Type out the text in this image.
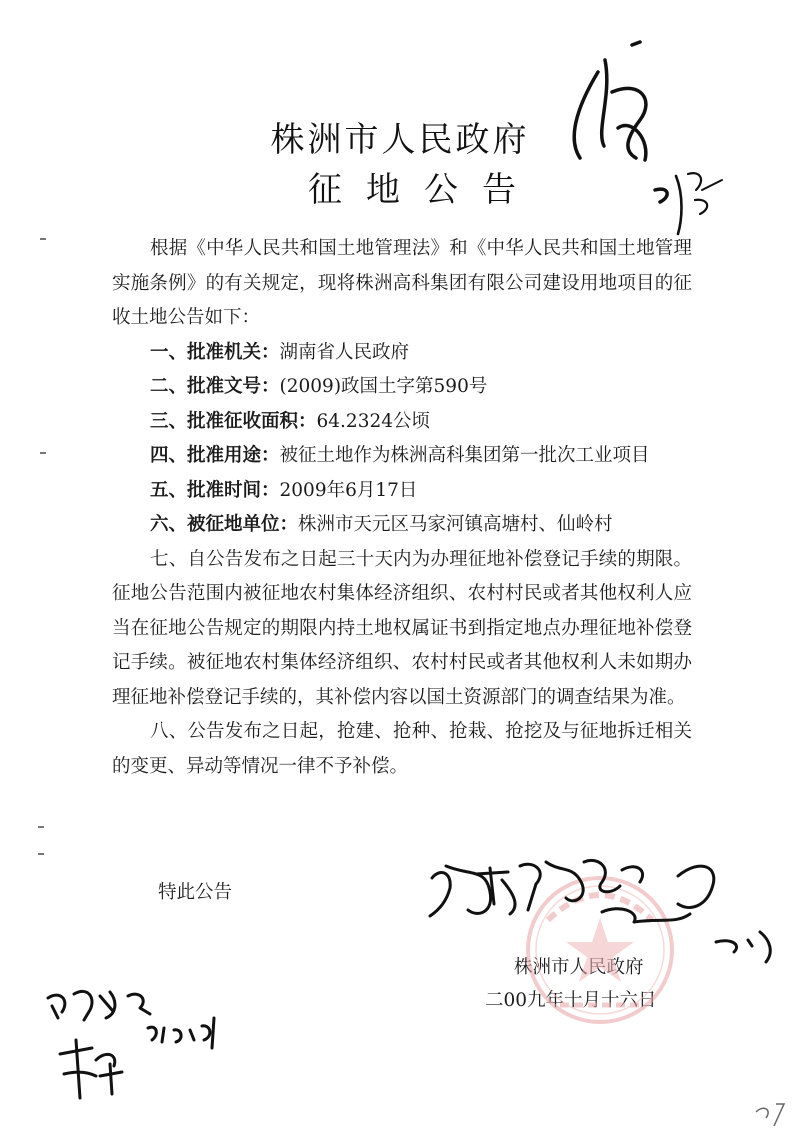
株洲市人民政府
征地公告

根据《中华人民共和国土地管理法》和《中华人民共和国土地管理实施条例》的有关规定，现将株洲高科集团有限公司建设用地项目的征收土地公告如下：

一、批准机关：湖南省人民政府

二、批准文号：(2009)政国土字第590号

三、批准征收面积：64.2324公顷

四、批准用途：被征土地作为株洲高科集团第一批次工业项目

五、批准时间：2009年6月17日

六、被征地单位：株洲市天元区马家河镇高塘村、仙岭村

七、自公告发布之日起三十天内为办理征地补偿登记手续的期限。征地公告范围内被征地农村集体经济组织、农村村民或者其他权利人应当在征地公告规定的期限内持土地权属证书到指定地点办理征地补偿登记手续。被征地农村集体经济组织、农村村民或者其他权利人未如期办理征地补偿登记手续的，其补偿内容以国土资源部门的调查结果为准。

八、公告发布之日起，抢建、抢种、抢栽、抢挖及与征地拆迁相关的变更、异动等情况一律不予补偿。

特此公告
株洲市人民政府
二00九年十月十六日
